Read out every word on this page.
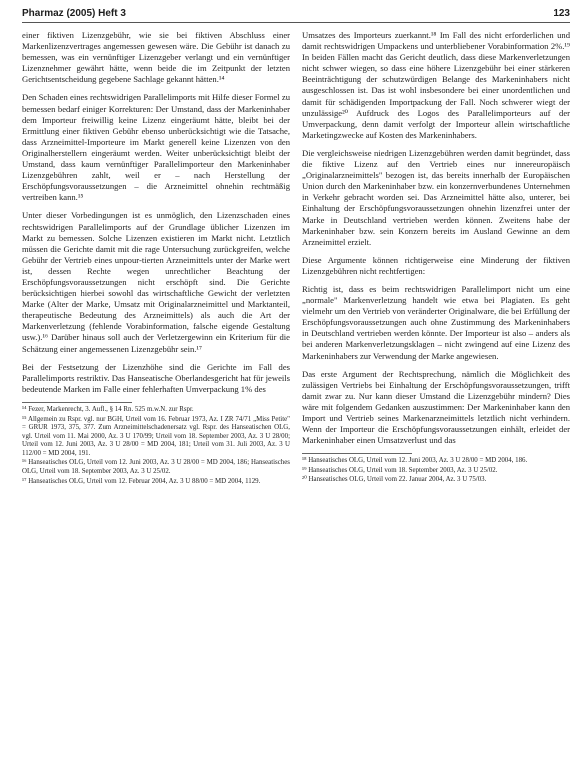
Pharmaz (2005) Heft 3	123

einer fiktiven Lizenzgebühr, wie sie bei fiktiven Abschluss einer Markenlizenzvertrages angemessen gewesen wäre. Die Gebühr ist danach zu bemessen, was ein vernünftiger Lizenzgeber verlangt und ein vernünftiger Lizenznehmer gewährt hätte, wenn beide die im Zeitpunkt der letzten Gerichtsentscheidung gegebene Sachlage gekannt hätten.¹⁴

Den Schaden eines rechtswidrigen Parallelimports mit Hilfe dieser Formel zu bemessen bedarf einiger Korrekturen: Der Umstand, dass der Markeninhaber dem Importeur freiwillig keine Lizenz eingeräumt hätte, bleibt bei der Ermittlung einer fiktiven Gebühr ebenso unberücksichtigt wie die Tatsache, dass Arzneimittel-Importeure im Markt generell keine Lizenzen von den Originalherstellern eingeräumt werden. Weiter unberücksichtigt bleibt der Umstand, dass kaum vernünftiger Parallelimporteur den Markeninhaber Lizenzgebühren zahlt, weil er – nach Herstellung der Erschöpfungsvoraussetzungen – die Arzneimittel ohnehin rechtmäßig vertreiben kann.¹⁵

Unter dieser Vorbedingungen ist es unmöglich, den Lizenzschaden eines rechtswidrigen Parallelimports auf der Grundlage üblicher Lizenzen im Markt zu bemessen. Solche Lizenzen existieren im Markt nicht. Letztlich müssen die Gerichte damit mit die rage Untersuchung zurückgreifen, welche Gebühr der Vertrieb eines unpour-tierten Arzneimittels unter der Marke wert ist, dessen Rechte wegen unrechtlicher Beachtung der Erschöpfungsvoraussetzungen nicht erschöpft sind. Die Gerichte berücksichtigen hierbei sowohl das wirtschaftliche Gewicht der verletzten Marke (Alter der Marke, Umsatz mit Originalarzneimittel und Marktanteil, therapeutische Bedeutung des Arzneimittels) als auch die Art der Markenverletzung (fehlende Vorabinformation, falsche eigende Gestaltung usw.).¹⁶ Darüber hinaus soll auch der Verletzergewinn ein Kriterium für die Schätzung einer angemessenen Lizenzgebühr sein.¹⁷

Bei der Festsetzung der Lizenzhöhe sind die Gerichte im Fall des Parallelimports restriktiv. Das Hanseatische Oberlandesgericht hat für jeweils bedeutende Marken im Falle einer fehlerhaften Umverpackung 1% des

¹⁴ Fezer, Markenrecht, 3. Aufl., § 14 Rn. 525 m.w.N. zur Rspr.
¹⁵ Allgemein zu Rspr. vgl. nur BGH, Urteil vom 16. Februar 1973, Az. I ZR 74/71 „Miss Petite" = GRUR 1973, 375, 377. Zum Arzneimittelschadenersatz vgl. Rspr. des Hanseatischen OLG, vgl. Urteil vom 11. Mai 2000, Az. 3 U 170/99; Urteil vom 18. September 2003, Az. 3 U 28/00; Urteil vom 12. Juni 2003, Az. 3 U 28/00 = MD 2004, 181; Urteil vom 31. Juli 2003, Az. 3 U 112/00 = MD 2004, 191.
¹⁶ Hanseatisches OLG, Urteil vom 12. Juni 2003, Az. 3 U 28/00 = MD 2004, 186; Hanseatisches OLG, Urteil vom 18. September 2003, Az. 3 U 25/02.
¹⁷ Hanseatisches OLG, Urteil vom 12. Februar 2004, Az. 3 U 88/00 = MD 2004, 1129.

Umsatzes des Importeurs zuerkannt.¹⁸ Im Fall des nicht erforderlichen und damit rechtswidrigen Umpackens und unterbliebener Vorabinformation 2%.¹⁹ In beiden Fällen macht das Gericht deutlich, dass diese Markenverletzungen nicht schwer wiegen, so dass eine höhere Lizenzgebühr bei einer stärkeren Beeinträchtigung der schutzwürdigen Belange des Markeninhabers nicht ausgeschlossen ist. Das ist wohl insbesondere bei einer unordentlichen und damit für schädigenden Importpackung der Fall. Noch schwerer wiegt der unzulässige²⁰ Aufdruck des Logos des Parallelimporteurs auf der Umverpackung, denn damit verfolgt der Importeur allein wirtschaftliche Marketingzwecke auf Kosten des Markeninhabers.

Die vergleichsweise niedrigen Lizenzgebühren werden damit begründet, dass die fiktive Lizenz auf den Vertrieb eines nur innereuropäisch „Originalarzneimittels" bezogen ist, das bereits innerhalb der Europäischen Union durch den Markeninhaber bzw. ein konzernverbundenes Unternehmen in Verkehr gebracht worden sei. Das Arzneimittel hätte also, unterer, bei Einhaltung der Erschöpfungsvoraussetzungen ohnehin lizenzfrei unter der Marke in Deutschland vertrieben werden können. Zweitens habe der Markeninhaber bzw. sein Konzern bereits im Ausland Gewinne an dem Arzneimittel erzielt.

Diese Argumente können richtigerweise eine Minderung der fiktiven Lizenzgebühren nicht rechtfertigen:

Richtig ist, dass es beim rechtswidrigen Parallelimport nicht um eine „normale" Markenverletzung handelt wie etwa bei Plagiaten. Es geht vielmehr um den Vertrieb von veränderter Originalware, die bei Erfüllung der Erschöpfungsvoraussetzungen auch ohne Zustimmung des Markeninhabers in Deutschland vertrieben werden könnte. Der Importeur ist also – anders als bei anderen Markenverletzungsklagen – nicht zwingend auf eine Lizenz des Markeninhabers zur Verwendung der Marke angewiesen.

Das erste Argument der Rechtsprechung, nämlich die Möglichkeit des zulässigen Vertriebs bei Einhaltung der Erschöpfungsvoraussetzungen, trifft damit zwar zu. Nur kann dieser Umstand die Lizenzgebühr mindern? Dies wäre mit folgendem Gedanken auszustimmen: Der Markeninhaber kann den Import und Vertrieb seines Markenarzneimittels letztlich nicht verhindern. Wenn der Importeur die Erschöpfungsvoraussetzungen einhält, erleidet der Markeninhaber einen Umsatzverlust und das

¹⁸ Hanseatisches OLG, Urteil vom 12. Juni 2003, Az. 3 U 28/00 = MD 2004, 186.
¹⁹ Hanseatisches OLG, Urteil vom 18. September 2003, Az. 3 U 25/02.
²⁰ Hanseatisches OLG, Urteil vom 22. Januar 2004, Az. 3 U 75/03.
